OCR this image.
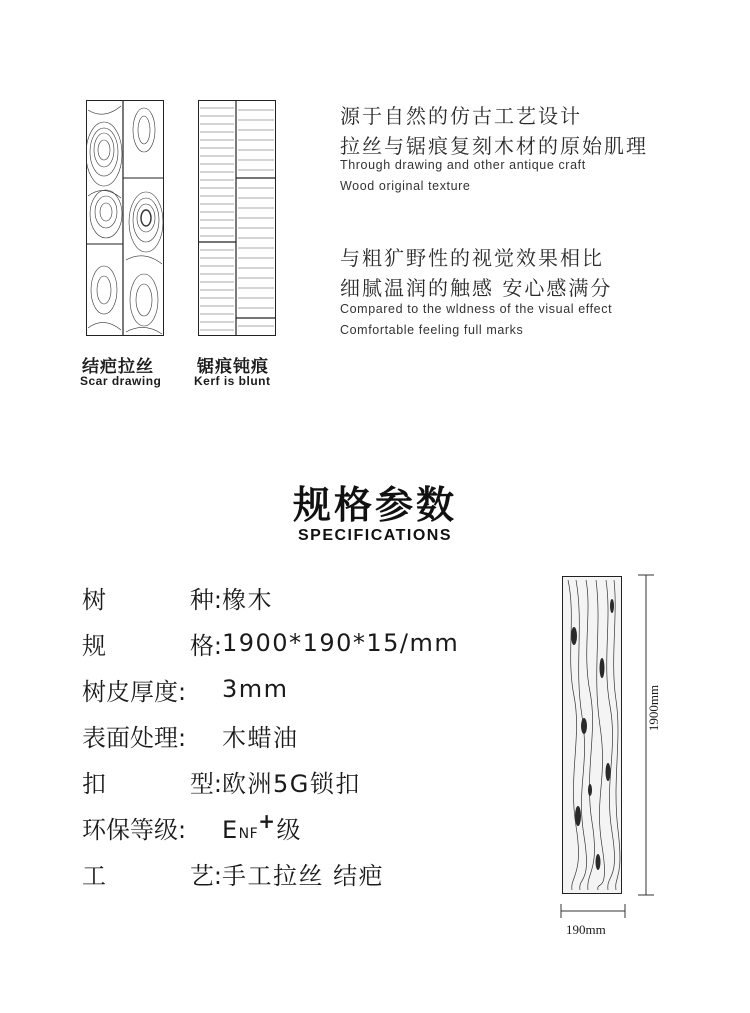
结疤拉丝
Scar drawing
锯痕钝痕
Kerf is blunt
源于自然的仿古工艺设计
拉丝与锯痕复刻木材的原始肌理
Through drawing and other antique craft
Wood original texture
与粗犷野性的视觉效果相比
细腻温润的触感 安心感满分
Compared to the wldness of the visual effect
Comfortable feeling full marks
规格参数
SPECIFICATIONS
树	种: 橡木
规	格: 1900*190*15/mm
树皮厚度: 3mm
表面处理: 木蜡油
扣	型: 欧洲5G锁扣
环保等级: ENF+级
工	艺: 手工拉丝 结疤
1900mm
190mm
